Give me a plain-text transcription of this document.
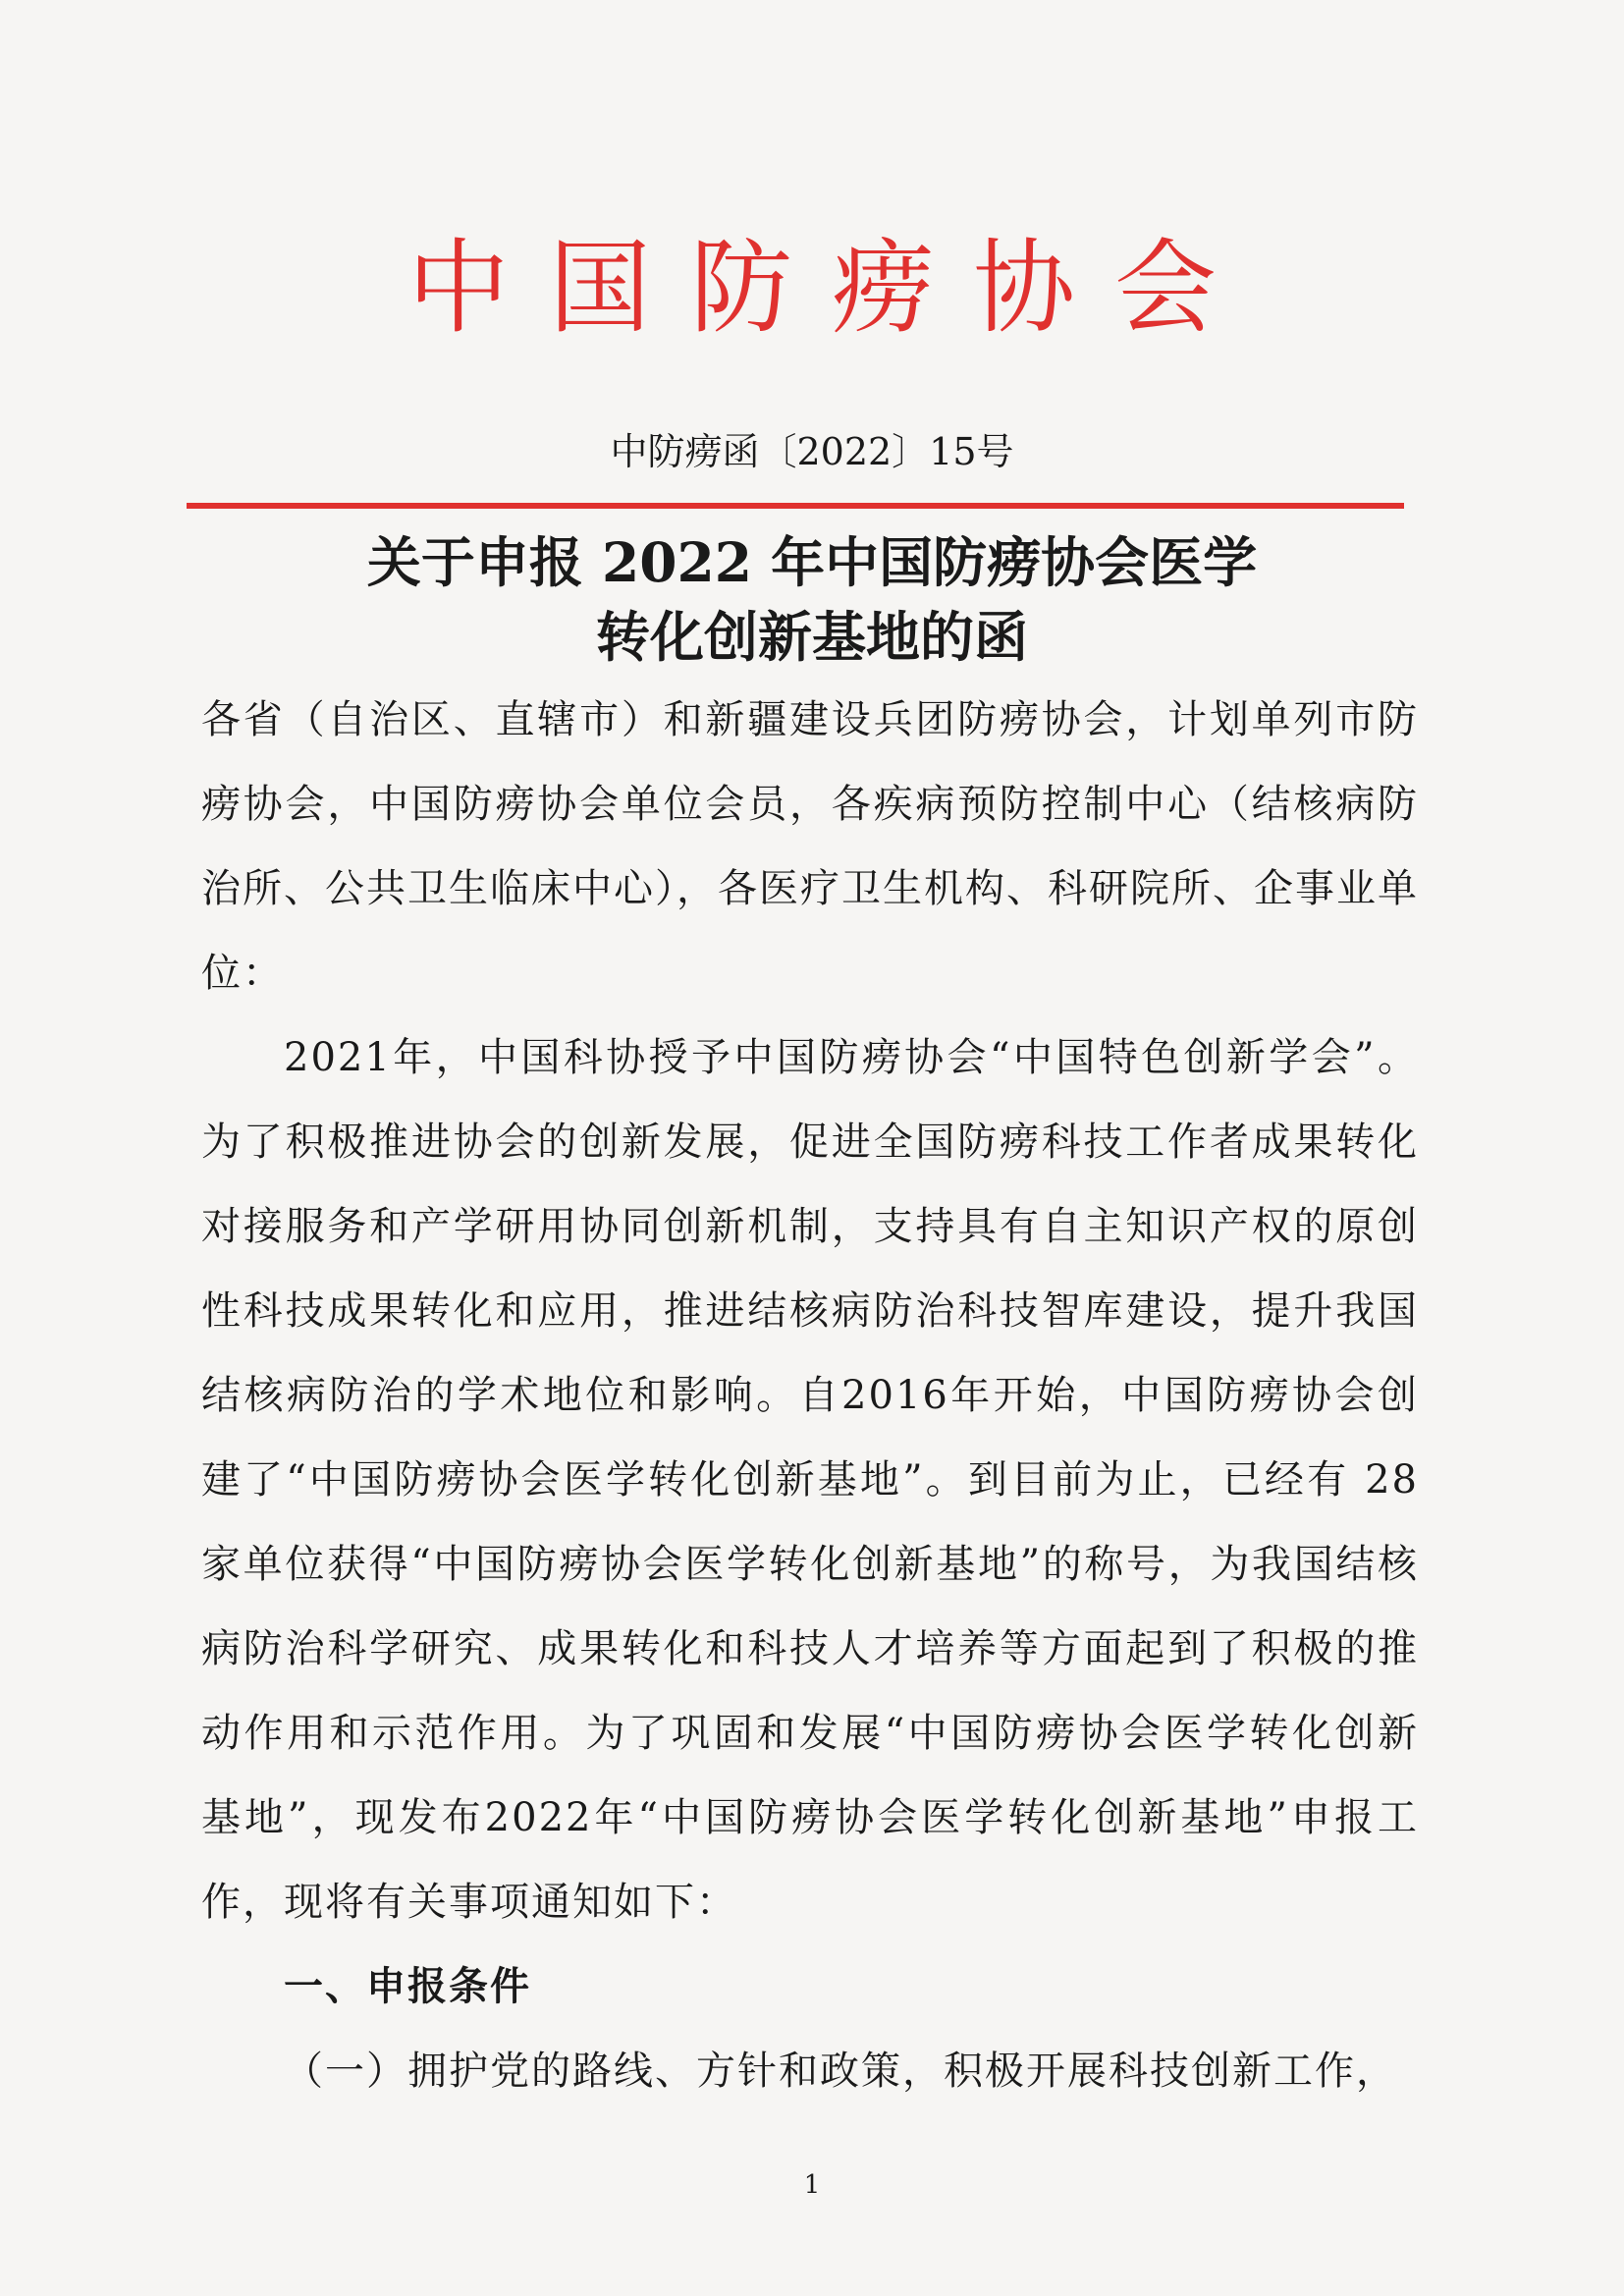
中国防痨协会
中防痨函〔2022〕15号
关于申报 2022 年中国防痨协会医学
转化创新基地的函

各省（自治区、直辖市）和新疆建设兵团防痨协会，计划单列市防痨协会，中国防痨协会单位会员，各疾病预防控制中心（结核病防治所、公共卫生临床中心），各医疗卫生机构、科研院所、企事业单位：

2021年，中国科协授予中国防痨协会“中国特色创新学会”。为了积极推进协会的创新发展，促进全国防痨科技工作者成果转化对接服务和产学研用协同创新机制，支持具有自主知识产权的原创性科技成果转化和应用，推进结核病防治科技智库建设，提升我国结核病防治的学术地位和影响。自2016年开始，中国防痨协会创建了“中国防痨协会医学转化创新基地”。到目前为止，已经有 28 家单位获得“中国防痨协会医学转化创新基地”的称号，为我国结核病防治科学研究、成果转化和科技人才培养等方面起到了积极的推动作用和示范作用。为了巩固和发展“中国防痨协会医学转化创新基地”，现发布2022年“中国防痨协会医学转化创新基地”申报工作，现将有关事项通知如下：

一、申报条件

（一）拥护党的路线、方针和政策，积极开展科技创新工作，

1
